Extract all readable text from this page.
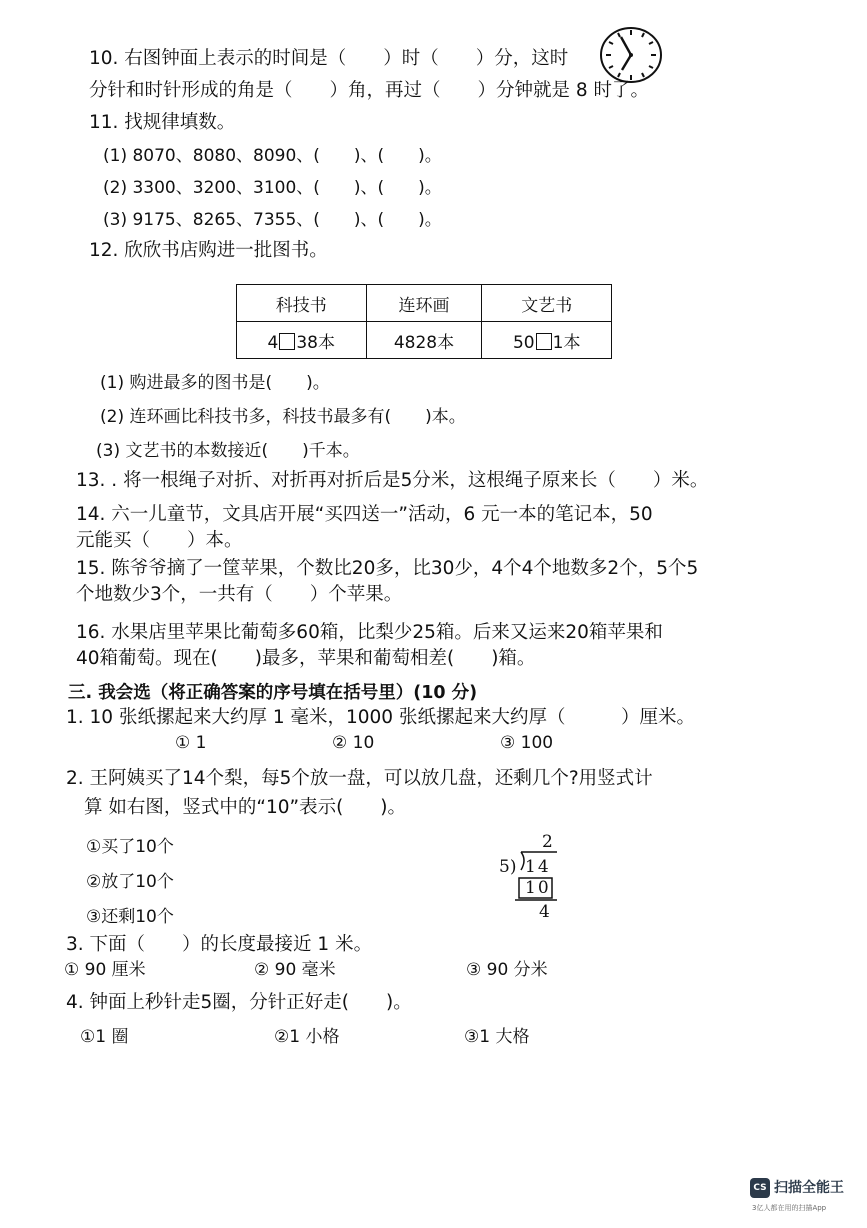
10. 右图钟面上表示的时间是（　　）时（　　）分，这时
分针和时针形成的角是（　　）角，再过（　　）分钟就是 8 时了。
11. 找规律填数。
(1) 8070、8080、8090、(　　)、(　　)。
(2) 3300、3200、3100、(　　)、(　　)。
(3) 9175、8265、7355、(　　)、(　　)。
12. 欣欣书店购进一批图书。
科技书	连环画	文艺书
4 38本	4828本	50 1本
(1) 购进最多的图书是(　　)。
(2) 连环画比科技书多，科技书最多有(　　)本。
(3) 文艺书的本数接近(　　)千本。
13. . 将一根绳子对折、对折再对折后是5分米，这根绳子原来长（　　）米。
14. 六一儿童节，文具店开展“买四送一”活动，6 元一本的笔记本，50
元能买（　　）本。
15. 陈爷爷摘了一筐苹果，个数比20多，比30少，4个4个地数多2个，5个5
个地数少3个，一共有（　　）个苹果。
16. 水果店里苹果比葡萄多60箱，比梨少25箱。后来又运来20箱苹果和
40箱葡萄。现在(　　)最多，苹果和葡萄相差(　　)箱。
三. 我会选（将正确答案的序号填在括号里）(10 分)
1. 10 张纸摞起来大约厚 1 毫米，1000 张纸摞起来大约厚（　　　）厘米。
① 1	② 10	③ 100
2. 王阿姨买了14个梨，每5个放一盘，可以放几盘，还剩几个?用竖式计
算 如右图，竖式中的“10”表示(　　)。
①买了10个
②放了10个
③还剩10个
2
5) 14
10
4
3. 下面（　　）的长度最接近 1 米。
① 90 厘米	② 90 毫米	③ 90 分米
4. 钟面上秒针走5圈，分针正好走(　　)。
①1 圈	②1 小格	③1 大格
CS 扫描全能王
3亿人都在用的扫描App
